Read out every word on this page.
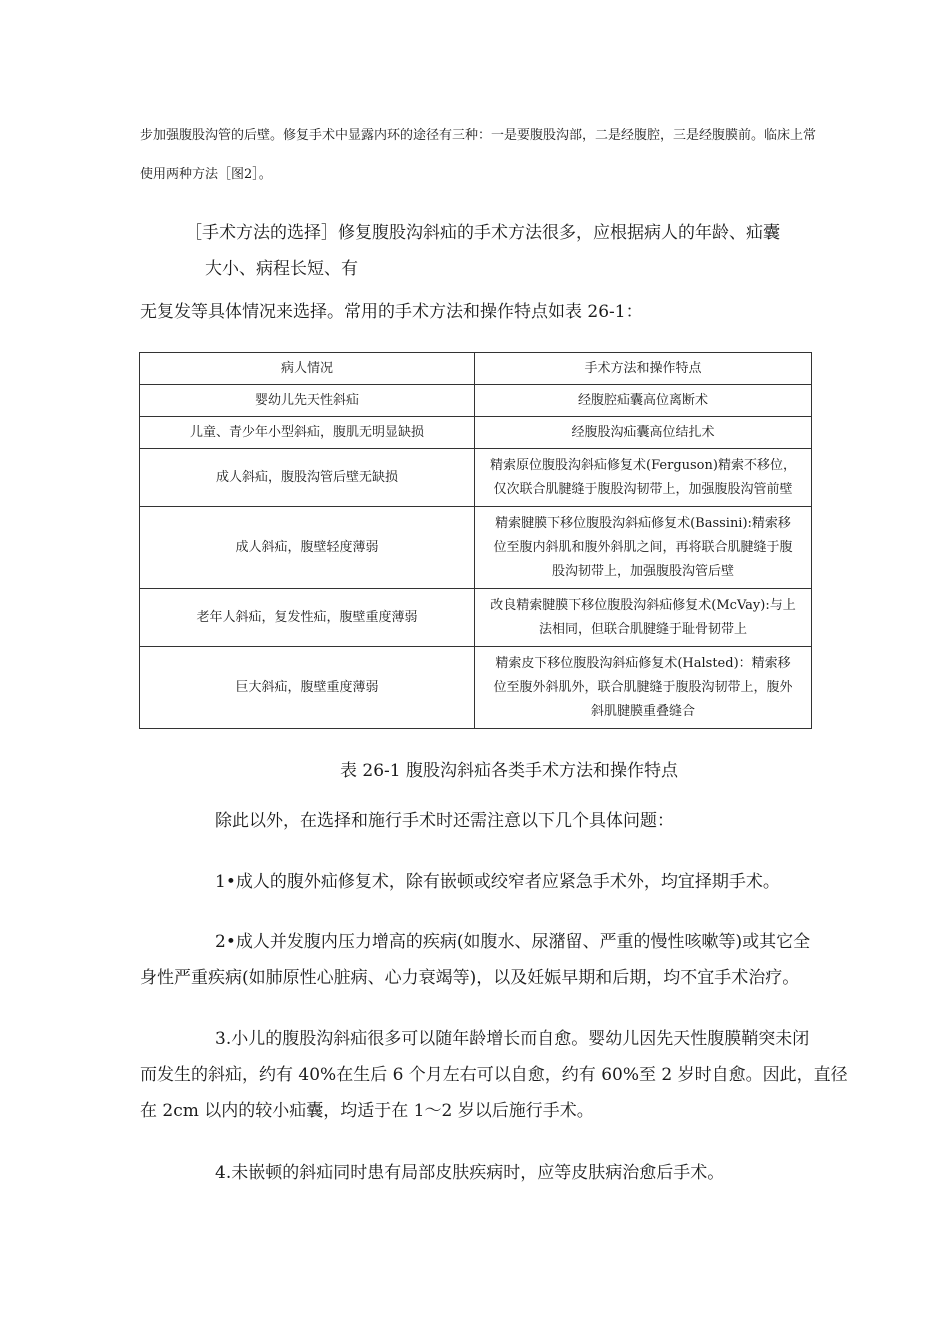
步加强腹股沟管的后壁。修复手术中显露内环的途径有三种：一是要腹股沟部，二是经腹腔，三是经腹膜前。临床上常
使用两种方法［图2］。
［手术方法的选择］修复腹股沟斜疝的手术方法很多，应根据病人的年龄、疝囊
大小、病程长短、有
无复发等具体情况来选择。常用的手术方法和操作特点如表 26-1：
病人情况	手术方法和操作特点
婴幼儿先天性斜疝	经腹腔疝囊高位离断术

儿童、青少年小型斜疝，腹肌无明显缺损	经腹股沟疝囊高位结扎术

成人斜疝，腹股沟管后壁无缺损	精索原位腹股沟斜疝修复术(Ferguson)精索不移位，
仅次联合肌腱缝于腹股沟韧带上，加强腹股沟管前壁

成人斜疝，腹壁轻度薄弱	精索腱膜下移位腹股沟斜疝修复术(Bassini):精索移
位至腹内斜肌和腹外斜肌之间，再将联合肌腱缝于腹
股沟韧带上，加强腹股沟管后壁

老年人斜疝，复发性疝，腹壁重度薄弱	改良精索腱膜下移位腹股沟斜疝修复术(McVay):与上
法相同，但联合肌腱缝于耻骨韧带上

巨大斜疝，腹壁重度薄弱	精索皮下移位腹股沟斜疝修复术(Halsted)：精索移
位至腹外斜肌外，联合肌腱缝于腹股沟韧带上，腹外
斜肌腱膜重叠缝合
表 26-1 腹股沟斜疝各类手术方法和操作特点
除此以外，在选择和施行手术时还需注意以下几个具体问题：
1•成人的腹外疝修复术，除有嵌顿或绞窄者应紧急手术外，均宜择期手术。
2•成人并发腹内压力增高的疾病(如腹水、尿潴留、严重的慢性咳嗽等)或其它全
身性严重疾病(如肺原性心脏病、心力衰竭等)，以及妊娠早期和后期，均不宜手术治疗。
3.小儿的腹股沟斜疝很多可以随年龄增长而自愈。婴幼儿因先天性腹膜鞘突未闭
而发生的斜疝，约有 40%在生后 6 个月左右可以自愈，约有 60%至 2 岁时自愈。因此，直径
在 2cm 以内的较小疝囊，均适于在 1～2 岁以后施行手术。
4.未嵌顿的斜疝同时患有局部皮肤疾病时，应等皮肤病治愈后手术。
